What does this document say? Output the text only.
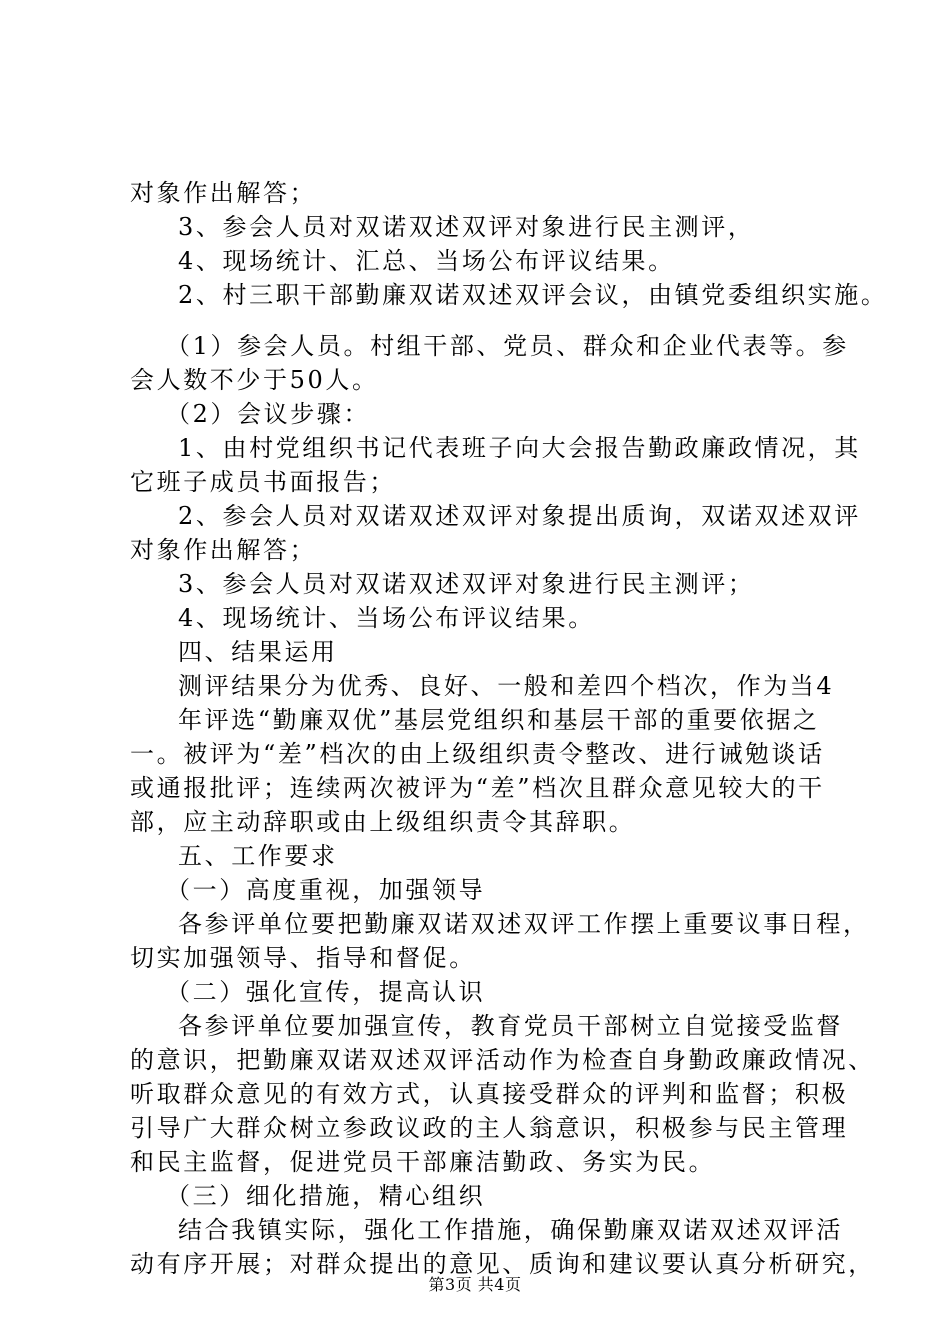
对象作出解答；
3、参会人员对双诺双述双评对象进行民主测评，
4、现场统计、汇总、当场公布评议结果。
2、村三职干部勤廉双诺双述双评会议，由镇党委组织实施。
（1）参会人员。村组干部、党员、群众和企业代表等。参
会人数不少于50人。
（2）会议步骤：
1、由村党组织书记代表班子向大会报告勤政廉政情况，其
它班子成员书面报告；
2、参会人员对双诺双述双评对象提出质询，双诺双述双评
对象作出解答；
3、参会人员对双诺双述双评对象进行民主测评；
4、现场统计、当场公布评议结果。
四、结果运用
测评结果分为优秀、良好、一般和差四个档次，作为当4
年评选“勤廉双优”基层党组织和基层干部的重要依据之
一。被评为“差”档次的由上级组织责令整改、进行诫勉谈话
或通报批评；连续两次被评为“差”档次且群众意见较大的干
部，应主动辞职或由上级组织责令其辞职。
五、工作要求
（一）高度重视，加强领导
各参评单位要把勤廉双诺双述双评工作摆上重要议事日程，
切实加强领导、指导和督促。
（二）强化宣传，提高认识
各参评单位要加强宣传，教育党员干部树立自觉接受监督
的意识，把勤廉双诺双述双评活动作为检查自身勤政廉政情况、
听取群众意见的有效方式，认真接受群众的评判和监督；积极
引导广大群众树立参政议政的主人翁意识，积极参与民主管理
和民主监督，促进党员干部廉洁勤政、务实为民。
（三）细化措施，精心组织
结合我镇实际，强化工作措施，确保勤廉双诺双述双评活
动有序开展；对群众提出的意见、质询和建议要认真分析研究，
第3页 共4页
